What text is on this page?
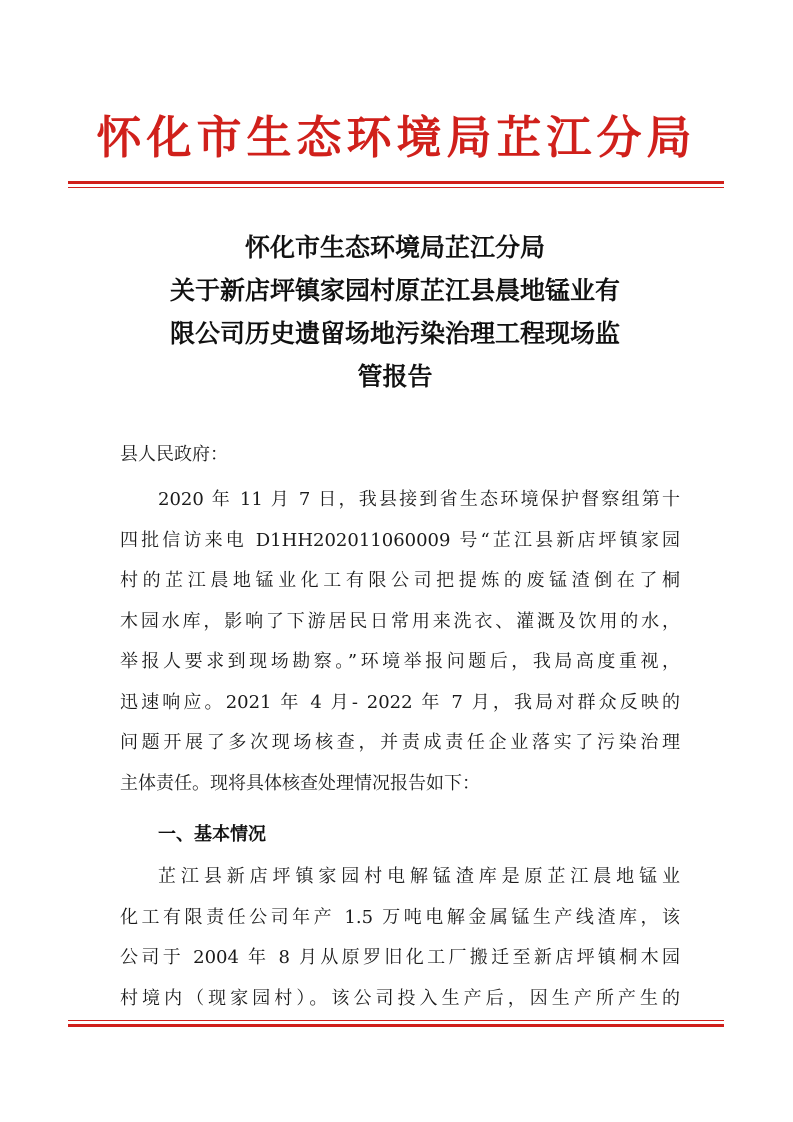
怀化市生态环境局芷江分局
怀化市生态环境局芷江分局
关于新店坪镇家园村原芷江县晨地锰业有
限公司历史遗留场地污染治理工程现场监
管报告
县人民政府：
2020 年 11 月 7 日，我县接到省生态环境保护督察组第十
四批信访来电 D1HH202011060009 号“芷江县新店坪镇家园
村的芷江晨地锰业化工有限公司把提炼的废锰渣倒在了桐
木园水库，影响了下游居民日常用来洗衣、灌溉及饮用的水，
举报人要求到现场勘察。”环境举报问题后，我局高度重视，
迅速响应。2021 年 4 月- 2022 年 7 月，我局对群众反映的
问题开展了多次现场核查，并责成责任企业落实了污染治理
主体责任。现将具体核查处理情况报告如下：
一、基本情况
芷江县新店坪镇家园村电解锰渣库是原芷江晨地锰业
化工有限责任公司年产 1.5 万吨电解金属锰生产线渣库，该
公司于 2004 年 8 月从原罗旧化工厂搬迁至新店坪镇桐木园
村境内（现家园村）。该公司投入生产后，因生产所产生的
